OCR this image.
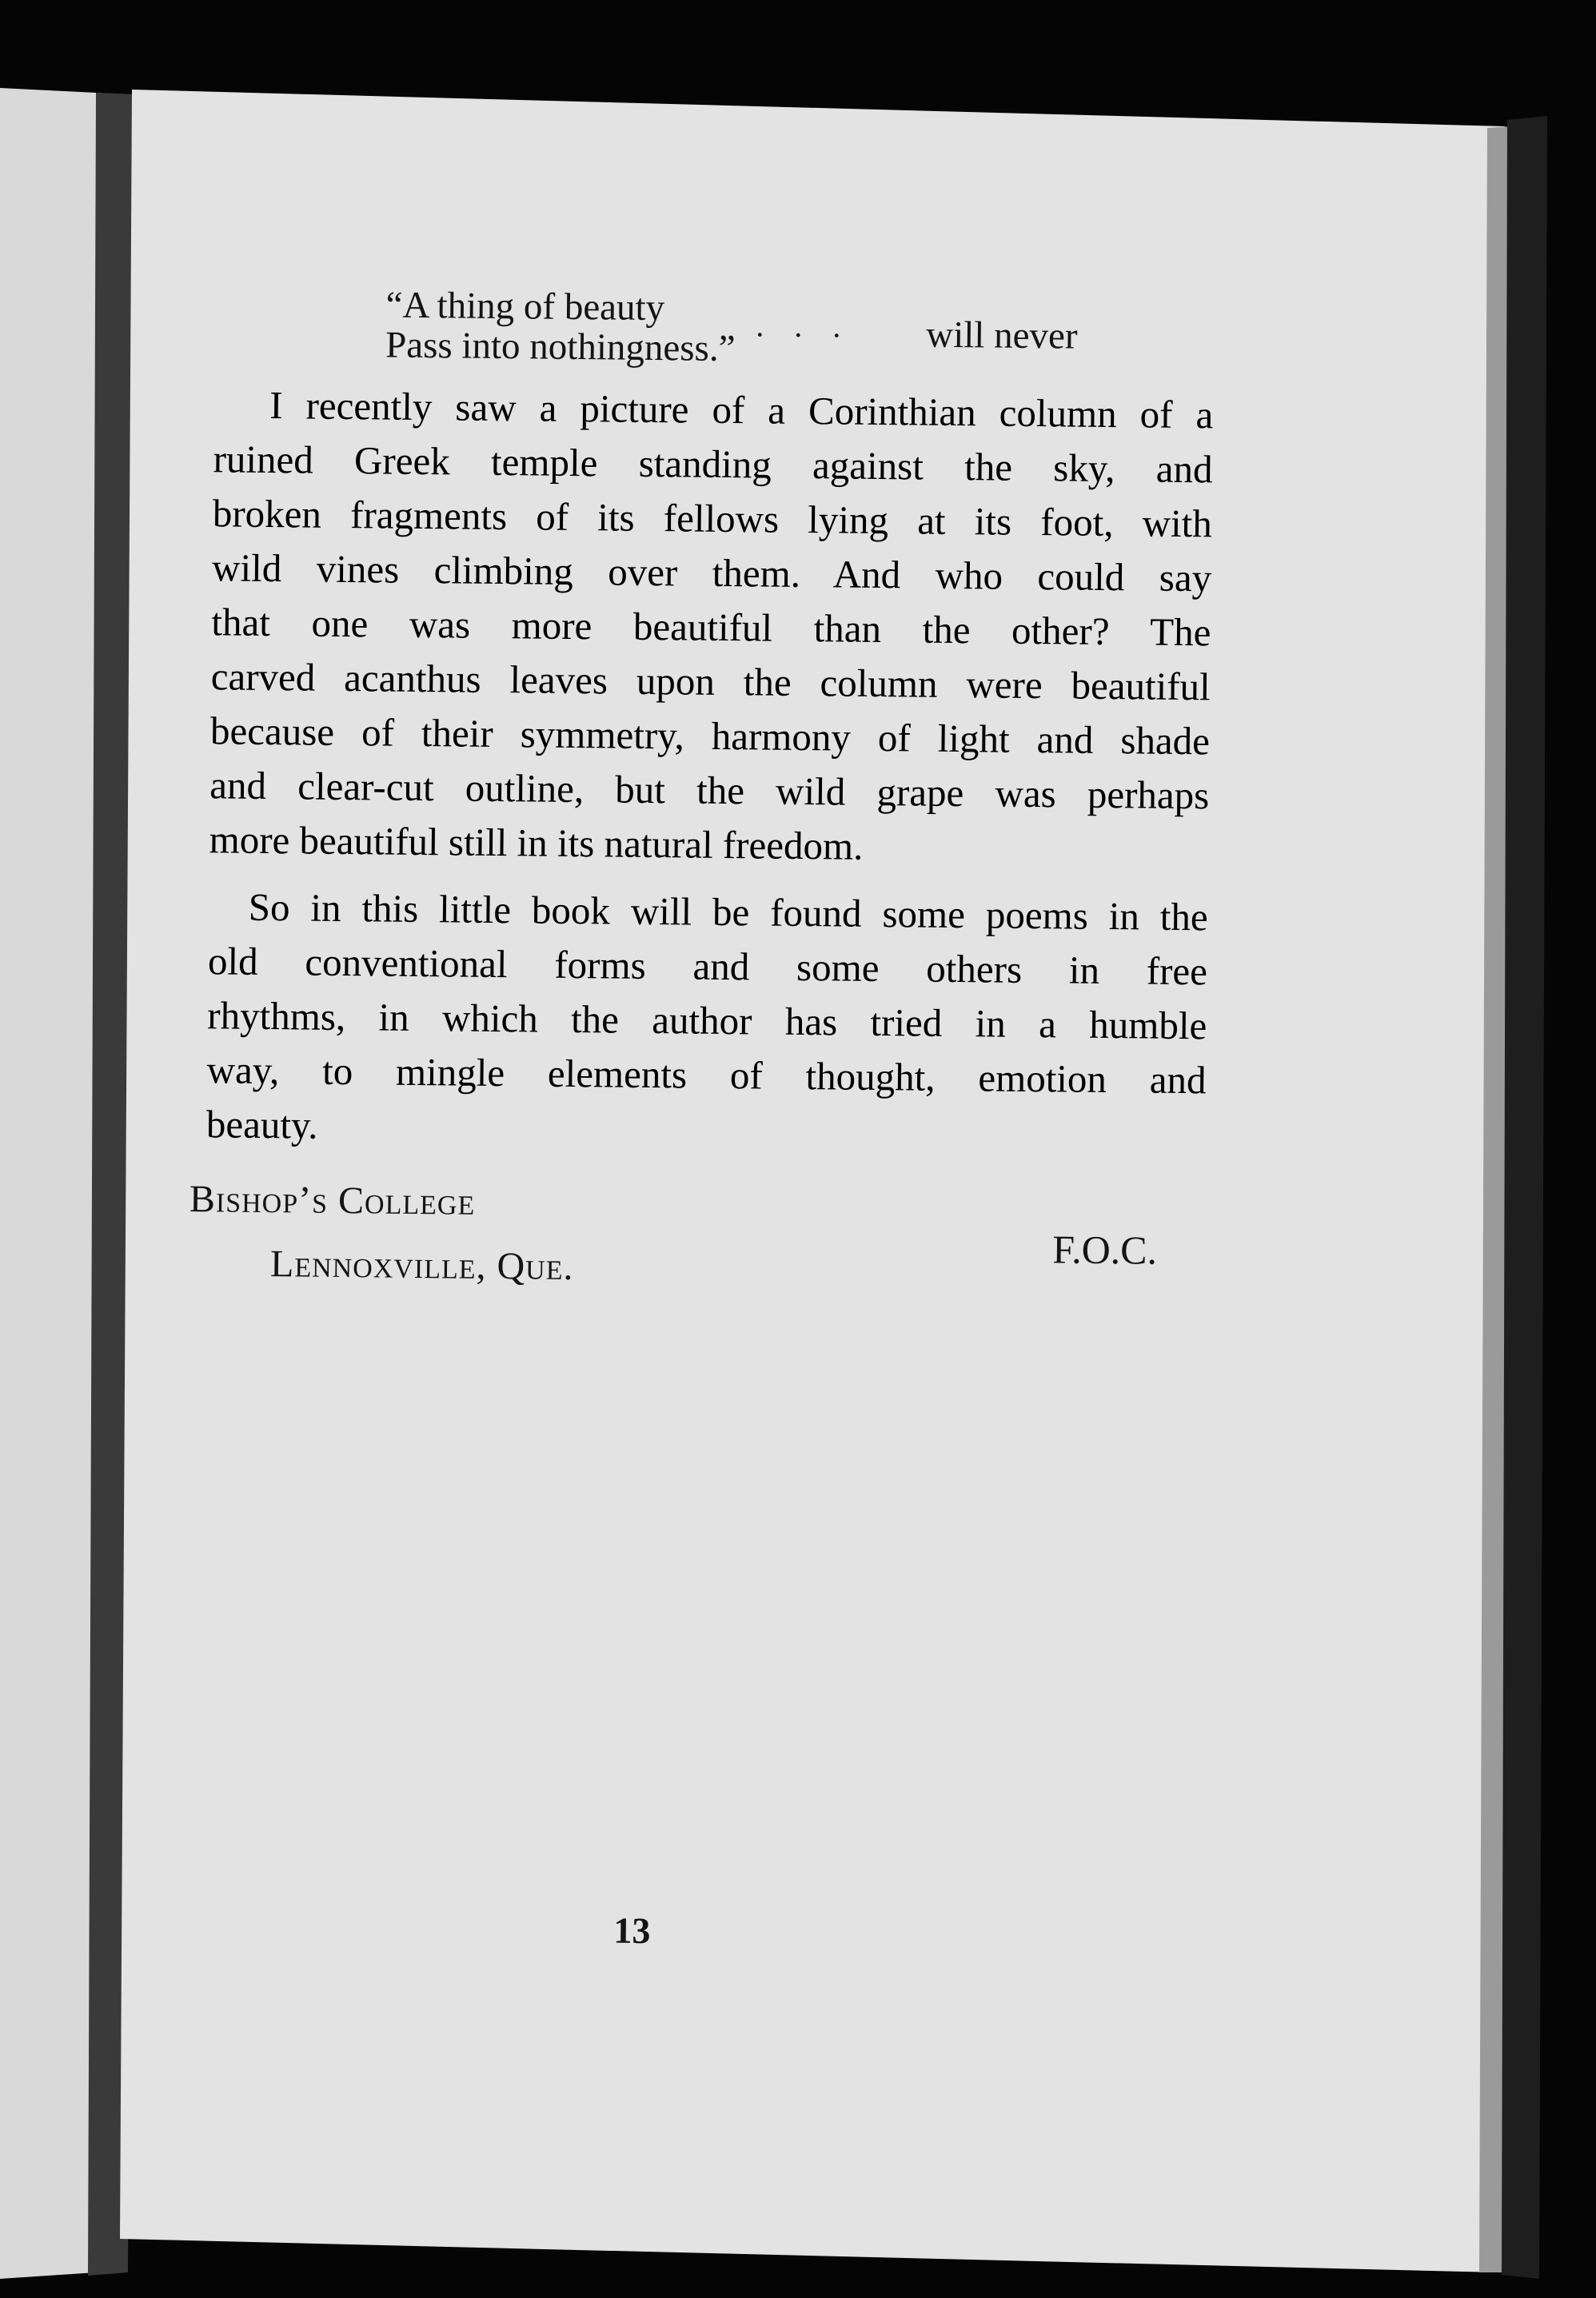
“A thing of beauty	. . . will never
Pass into nothingness.”
I recently saw a picture of a Corinthian column of a
ruined Greek temple standing against the sky, and
broken fragments of its fellows lying at its foot, with
wild vines climbing over them. And who could say
that one was more beautiful than the other? The
carved acanthus leaves upon the column were beautiful
because of their symmetry, harmony of light and shade
and clear-cut outline, but the wild grape was perhaps
more beautiful still in its natural freedom.
So in this little book will be found some poems in the
old conventional forms and some others in free
rhythms, in which the author has tried in a humble
way, to mingle elements of thought, emotion and
beauty.
Bishop’s College
Lennoxville, Que.	F.O.C.
13
